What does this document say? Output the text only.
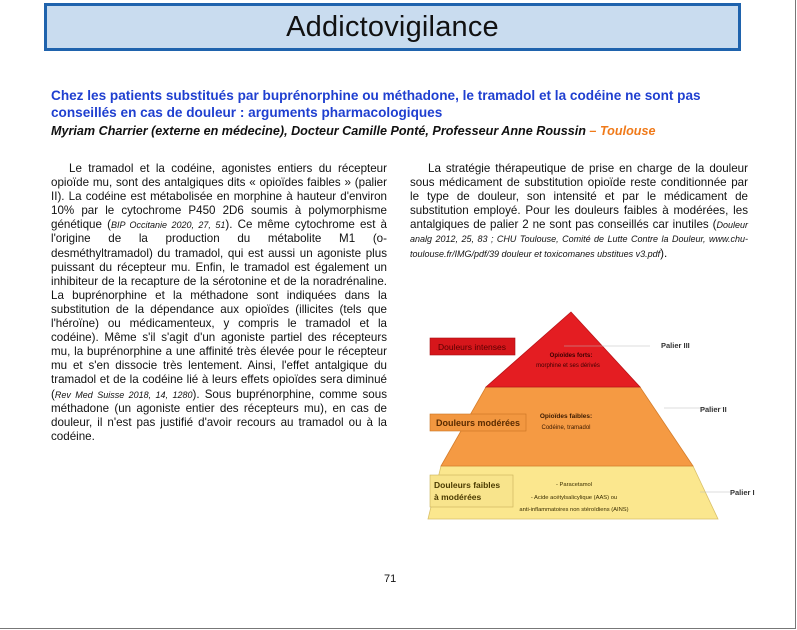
Addictovigilance
Chez les patients substitués par buprénorphine ou méthadone, le tramadol et la codéine ne sont pas conseillés en cas de douleur : arguments pharmacologiques
Myriam Charrier (externe en médecine), Docteur Camille Ponté, Professeur Anne Roussin – Toulouse

Le tramadol et la codéine, agonistes entiers du récepteur opioïde mu, sont des antalgiques dits « opioïdes faibles » (palier II). La codéine est métabolisée en morphine à hauteur d'environ 10% par le cytochrome P450 2D6 soumis à polymorphisme génétique (BIP Occitanie 2020, 27, 51). Ce même cytochrome est à l'origine de la production du métabolite M1 (o-desméthyltramadol) du tramadol, qui est aussi un agoniste plus puissant du récepteur mu. Enfin, le tramadol est également un inhibiteur de la recapture de la sérotonine et de la noradrénaline. La buprénorphine et la méthadone sont indiquées dans la substitution de la dépendance aux opioïdes (illicites (tels que l'héroïne) ou médicamenteux, y compris le tramadol et la codéine). Même s'il s'agit d'un agoniste partiel des récepteurs mu, la buprénorphine a une affinité très élevée pour le récepteur mu et s'en dissocie très lentement. Ainsi, l'effet antalgique du tramadol et de la codéine lié à leurs effets opioïdes sera diminué (Rev Med Suisse 2018, 14, 1280). Sous buprénorphine, comme sous méthadone (un agoniste entier des récepteurs mu), en cas de douleur, il n'est pas justifié d'avoir recours au tramadol ou à la codéine.

La stratégie thérapeutique de prise en charge de la douleur sous médicament de substitution opioïde reste conditionnée par le type de douleur, son intensité et par le médicament de substitution employé. Pour les douleurs faibles à modérées, les antalgiques de palier 2 ne sont pas conseillés car inutiles (Douleur analg 2012, 25, 83 ; CHU Toulouse, Comité de Lutte Contre la Douleur, www.chu-toulouse.fr/IMG/pdf/39 douleur et toxicomanes ubstitues v3.pdf).

Douleurs intenses
Douleurs modérées
Douleurs faibles
à modérées
Opioïdes forts:
morphine et ses dérivés
Opioïdes faibles:
Codéine, tramadol
- Paracetamol
- Acide acétylsalicylique (AAS) ou
anti-inflammatoires non stéroïdiens (AINS)
Palier III
Palier II
Palier I
71
